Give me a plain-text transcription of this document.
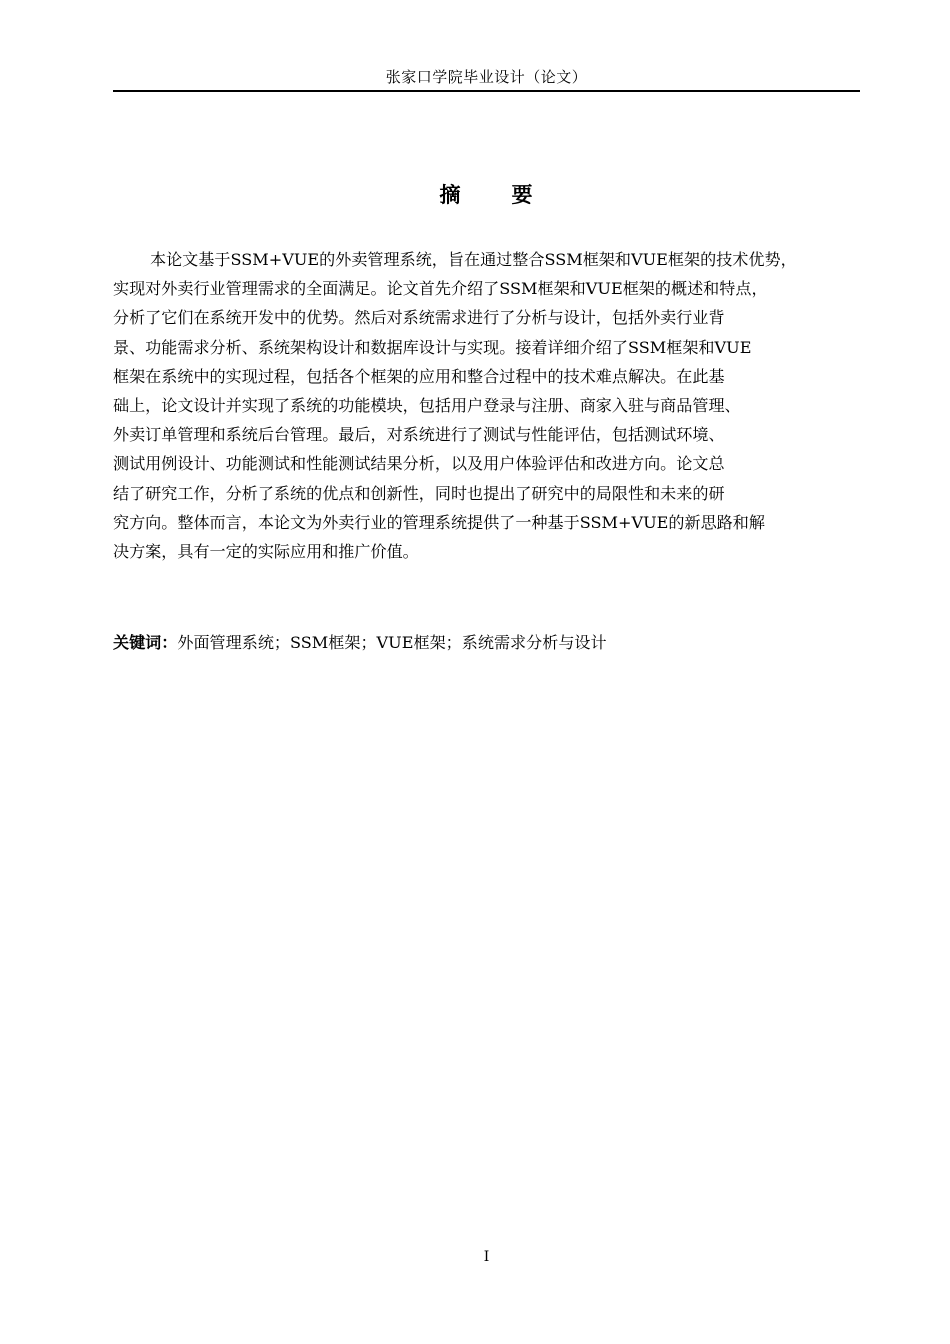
张家口学院毕业设计（论文）
摘 要
本论文基于SSM+VUE的外卖管理系统，旨在通过整合SSM框架和VUE框架的技术优势，
实现对外卖行业管理需求的全面满足。论文首先介绍了SSM框架和VUE框架的概述和特点，
分析了它们在系统开发中的优势。然后对系统需求进行了分析与设计，包括外卖行业背
景、功能需求分析、系统架构设计和数据库设计与实现。接着详细介绍了SSM框架和VUE
框架在系统中的实现过程，包括各个框架的应用和整合过程中的技术难点解决。在此基
础上，论文设计并实现了系统的功能模块，包括用户登录与注册、商家入驻与商品管理、
外卖订单管理和系统后台管理。最后，对系统进行了测试与性能评估，包括测试环境、
测试用例设计、功能测试和性能测试结果分析，以及用户体验评估和改进方向。论文总
结了研究工作，分析了系统的优点和创新性，同时也提出了研究中的局限性和未来的研
究方向。整体而言，本论文为外卖行业的管理系统提供了一种基于SSM+VUE的新思路和解
决方案，具有一定的实际应用和推广价值。
关键词：外面管理系统；SSM框架；VUE框架；系统需求分析与设计
I
